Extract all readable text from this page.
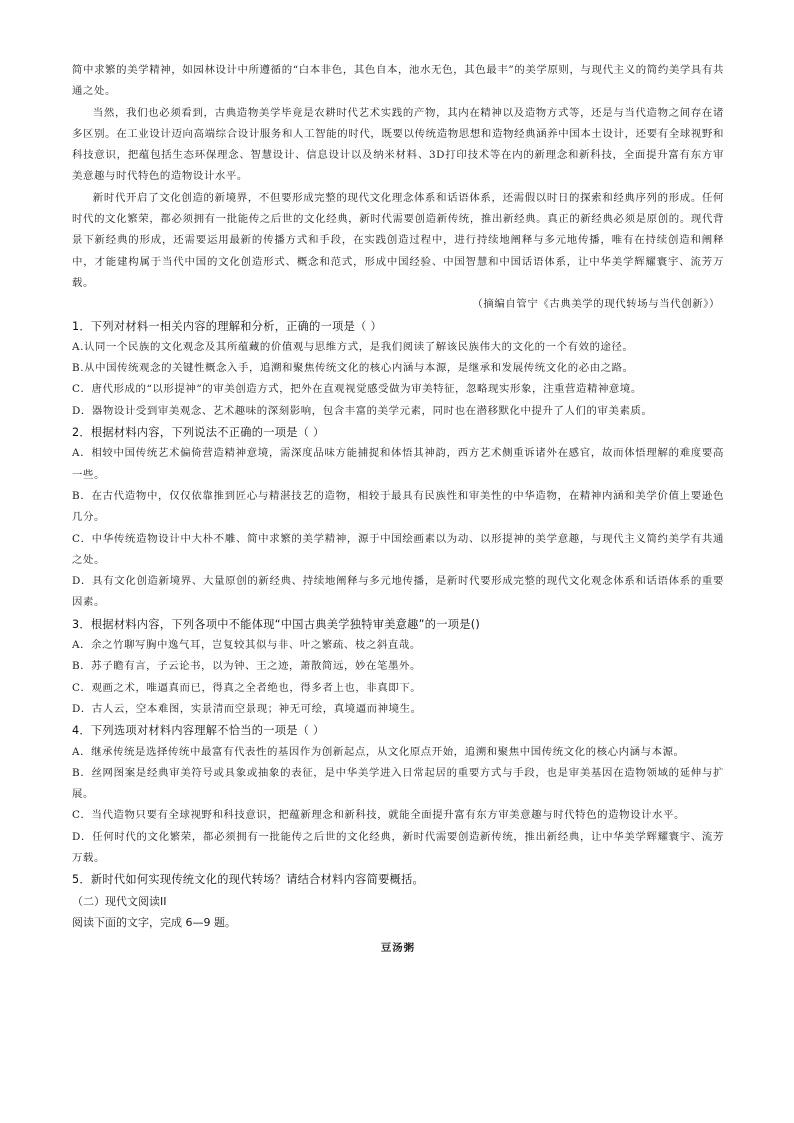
简中求繁的美学精神，如园林设计中所遵循的“白本非色，其色自本，池水无色，其色最丰”的美学原则，与现代主义的简约美学具有共通之处。

当然，我们也必须看到，古典造物美学毕竟是农耕时代艺术实践的产物，其内在精神以及造物方式等，还是与当代造物之间存在诸多区别。在工业设计迈向高端综合设计服务和人工智能的时代，既要以传统造物思想和造物经典涵养中国本土设计，还要有全球视野和科技意识，把蕴包括生态环保理念、智慧设计、信息设计以及纳米材料、3D打印技术等在内的新理念和新科技，全面提升富有东方审美意趣与时代特色的造物设计水平。

新时代开启了文化创造的新境界，不但要形成完整的现代文化理念体系和话语体系，还需假以时日的探索和经典序列的形成。任何时代的文化繁荣，都必须拥有一批能传之后世的文化经典，新时代需要创造新传统，推出新经典。真正的新经典必须是原创的。现代背景下新经典的形成，还需要运用最新的传播方式和手段，在实践创造过程中，进行持续地阐释与多元地传播，唯有在持续创造和阐释中，才能建构属于当代中国的文化创造形式、概念和范式，形成中国经验、中国智慧和中国话语体系，让中华美学辉耀寰宇、流芳万载。

（摘编自管宁《古典美学的现代转场与当代创新》）

1．下列对材料一相关内容的理解和分析，正确的一项是（ ）

A.认同一个民族的文化观念及其所蕴藏的价值观与思维方式，是我们阅读了解该民族伟大的文化的一个有效的途径。

B.从中国传统观念的关键性概念入手，追溯和聚焦传统文化的核心内涵与本源，是继承和发展传统文化的必由之路。

C．唐代形成的“以形提神”的审美创造方式，把外在直观视觉感受做为审美特征，忽略现实形象，注重营造精神意境。

D．器物设计受到审美观念、艺术趣味的深刻影响，包含丰富的美学元素，同时也在潜移默化中提升了人们的审美素质。

2．根据材料内容，下列说法不正确的一项是（ ）

A．相较中国传统艺术偏倚营造精神意境，需深度品味方能捕捉和体悟其神韵，西方艺术侧重诉诸外在感官，故而体悟理解的难度要高一些。

B．在古代造物中，仅仅依靠推到匠心与精湛技艺的造物，相较于最具有民族性和审美性的中华造物，在精神内涵和美学价值上要逊色几分。

C．中华传统造物设计中大朴不雕、简中求繁的美学精神，源于中国绘画素以为动、以形提神的美学意趣，与现代主义简约美学有共通之处。

D．具有文化创造新境界、大量原创的新经典、持续地阐释与多元地传播，是新时代要形成完整的现代文化观念体系和话语体系的重要因素。

3．根据材料内容，下列各项中不能体现“中国古典美学独特审美意趣”的一项是()

A．余之竹聊写胸中逸气耳，岂复较其似与非、叶之繁疏、枝之斜直哉。

B．苏子瞻有言，子云论书，以为钟、王之迹，萧散简远，妙在笔墨外。

C．观画之术，唯逼真而已，得真之全者绝也，得多者上也，非真即下。

D．古人云，空本难图，实景清而空景现；神无可绘，真境逼而神境生。

4．下列选项对材料内容理解不恰当的一项是（ ）

A．继承传统是选择传统中最富有代表性的基因作为创新起点，从文化原点开始，追溯和聚焦中国传统文化的核心内涵与本源。

B．丝网图案是经典审美符号或具象或抽象的表征，是中华美学进入日常起居的重要方式与手段，也是审美基因在造物领域的延伸与扩展。

C．当代造物只要有全球视野和科技意识，把蕴新理念和新科技，就能全面提升富有东方审美意趣与时代特色的造物设计水平。

D．任何时代的文化繁荣，都必须拥有一批能传之后世的文化经典，新时代需要创造新传统，推出新经典，让中华美学辉耀寰宇、流芳万载。

5．新时代如何实现传统文化的现代转场？请结合材料内容简要概括。

（二）现代文阅读II

阅读下面的文字，完成 6—9 题。

豆汤粥
